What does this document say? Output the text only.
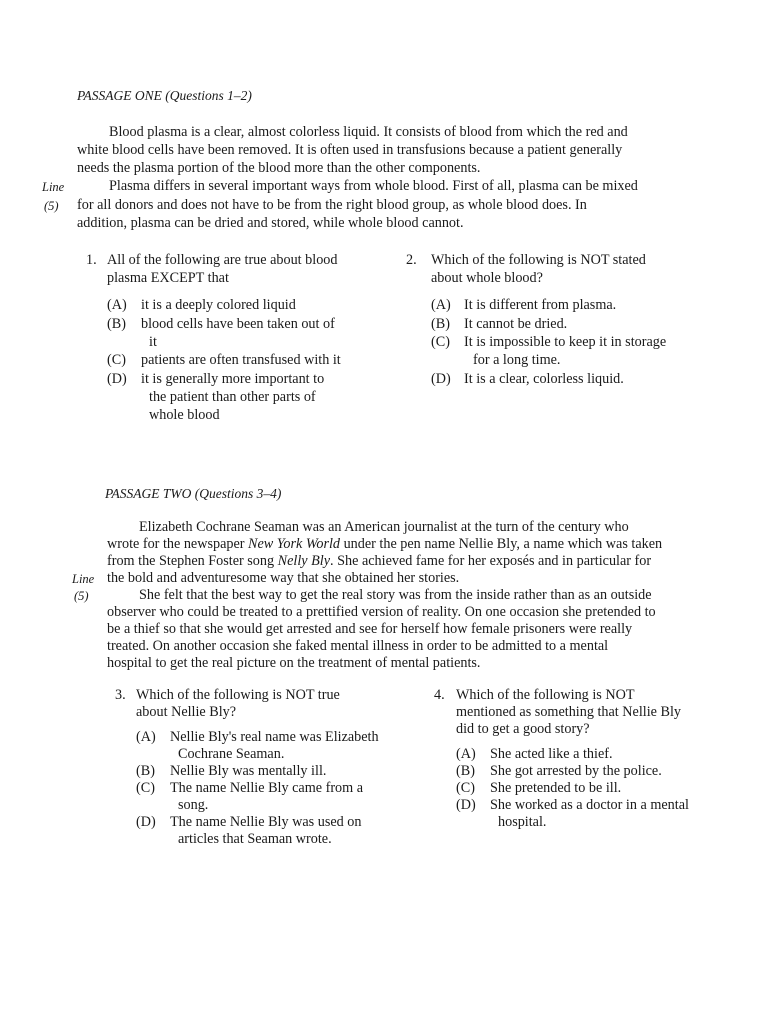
PASSAGE ONE (Questions 1–2)
Blood plasma is a clear, almost colorless liquid. It consists of blood from which the red and
white blood cells have been removed. It is often used in transfusions because a patient generally
needs the plasma portion of the blood more than the other components.
Plasma differs in several important ways from whole blood. First of all, plasma can be mixed
for all donors and does not have to be from the right blood group, as whole blood does. In
addition, plasma can be dried and stored, while whole blood cannot.
Line
(5)
1. All of the following are true about blood
plasma EXCEPT that
(A) it is a deeply colored liquid
(B) blood cells have been taken out of
it
(C) patients are often transfused with it
(D) it is generally more important to
the patient than other parts of
whole blood
2. Which of the following is NOT stated
about whole blood?
(A) It is different from plasma.
(B) It cannot be dried.
(C) It is impossible to keep it in storage
for a long time.
(D) It is a clear, colorless liquid.
PASSAGE TWO (Questions 3–4)
Elizabeth Cochrane Seaman was an American journalist at the turn of the century who
wrote for the newspaper New York World under the pen name Nellie Bly, a name which was taken
from the Stephen Foster song Nelly Bly. She achieved fame for her exposés and in particular for
the bold and adventuresome way that she obtained her stories.
She felt that the best way to get the real story was from the inside rather than as an outside
observer who could be treated to a prettified version of reality. On one occasion she pretended to
be a thief so that she would get arrested and see for herself how female prisoners were really
treated. On another occasion she faked mental illness in order to be admitted to a mental
hospital to get the real picture on the treatment of mental patients.
Line
(5)
3. Which of the following is NOT true
about Nellie Bly?
(A) Nellie Bly's real name was Elizabeth
Cochrane Seaman.
(B) Nellie Bly was mentally ill.
(C) The name Nellie Bly came from a
song.
(D) The name Nellie Bly was used on
articles that Seaman wrote.
4. Which of the following is NOT
mentioned as something that Nellie Bly
did to get a good story?
(A) She acted like a thief.
(B) She got arrested by the police.
(C) She pretended to be ill.
(D) She worked as a doctor in a mental
hospital.
